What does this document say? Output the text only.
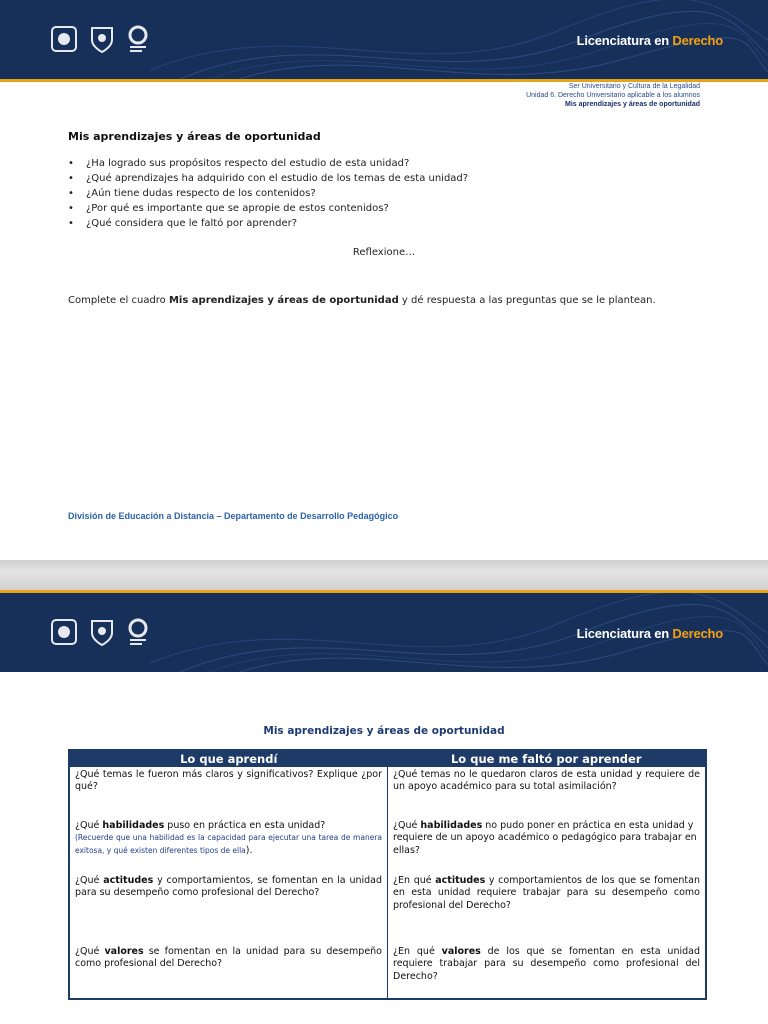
Licenciatura en Derecho
Ser Universitario y Cultura de la Legalidad
Unidad 6. Derecho Universitario aplicable a los alumnos
Mis aprendizajes y áreas de oportunidad
Mis aprendizajes y áreas de oportunidad
•	¿Ha logrado sus propósitos respecto del estudio de esta unidad?
•	¿Qué aprendizajes ha adquirido con el estudio de los temas de esta unidad?
•	¿Aún tiene dudas respecto de los contenidos?
•	¿Por qué es importante que se apropie de estos contenidos?
•	¿Qué considera que le faltó por aprender?
Reflexione…
Complete el cuadro Mis aprendizajes y áreas de oportunidad y dé respuesta a las preguntas que se le plantean.
División de Educación a Distancia – Departamento de Desarrollo Pedagógico
Licenciatura en Derecho
Mis aprendizajes y áreas de oportunidad
Lo que aprendí	Lo que me faltó por aprender
¿Qué temas le fueron más claros y significativos? Explique ¿por qué?	¿Qué temas no le quedaron claros de esta unidad y requiere de un apoyo académico para su total asimilación?
¿Qué habilidades puso en práctica en esta unidad?
(Recuerde que una habilidad es la capacidad para ejecutar una tarea de manera exitosa, y qué existen diferentes tipos de ella).	¿Qué habilidades no pudo poner en práctica en esta unidad y requiere de un apoyo académico o pedagógico para trabajar en ellas?
¿Qué actitudes y comportamientos, se fomentan en la unidad para su desempeño como profesional del Derecho?	¿En qué actitudes y comportamientos de los que se fomentan en esta unidad requiere trabajar para su desempeño como profesional del Derecho?
¿Qué valores se fomentan en la unidad para su desempeño como profesional del Derecho?	¿En qué valores de los que se fomentan en esta unidad requiere trabajar para su desempeño como profesional del Derecho?
